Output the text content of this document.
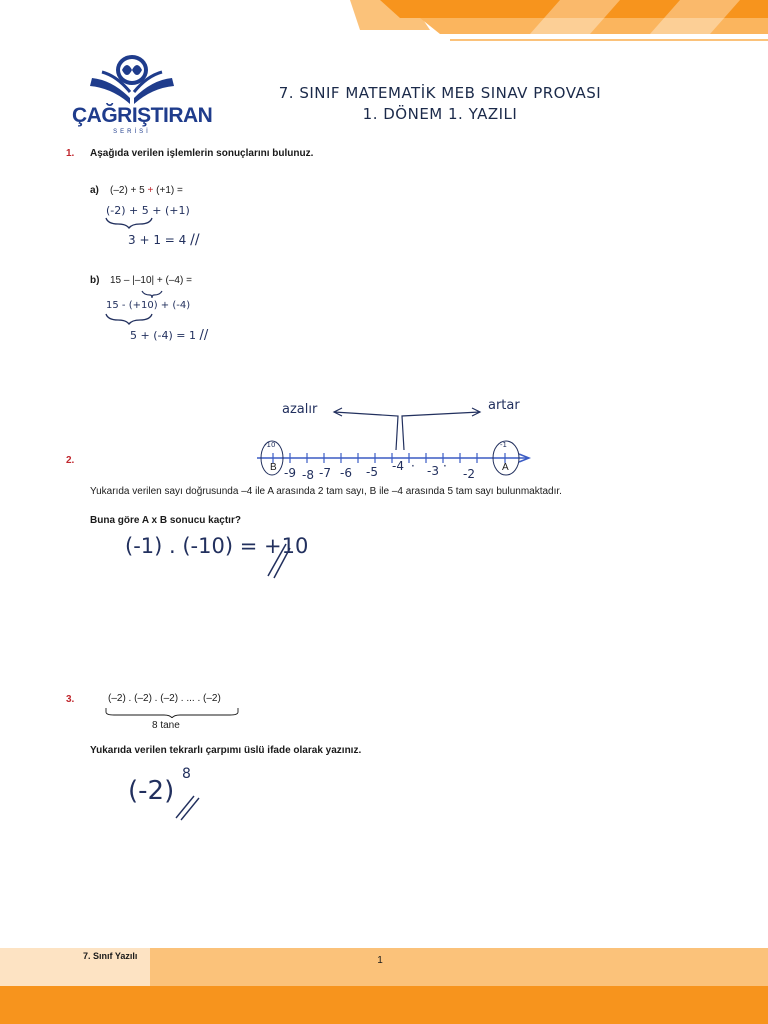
ÇAĞRIŞTIRAN
SERİSİ
7. SINIF MATEMATİK MEB SINAV PROVASI
1. DÖNEM 1. YAZILI
1. Aşağıda verilen işlemlerin sonuçlarını bulunuz.
a) (–2) + 5 + (+1) =
(-2) + 5 + (+1)
3 + 1 = 4 //
b) 15 – |–10| + (–4) =
15 - (+10) + (-4)
5 + (-4) = 1 //
azalır	artar
2.
-10	-1
B	A
-9 -8 -7 -6 -5 -4 · -3 ·
-2
Yukarıda verilen sayı doğrusunda –4 ile A arasında 2 tam sayı, B ile –4 arasında 5 tam sayı bulunmaktadır.
Buna göre A x B sonucu kaçtır?
(-1) . (-10) = +10
3.	(–2) . (–2) . (–2) . ... . (–2)
8 tane
Yukarıda verilen tekrarlı çarpımı üslü ifade olarak yazınız.
(-2)
8
7. Sınıf Yazılı	1
